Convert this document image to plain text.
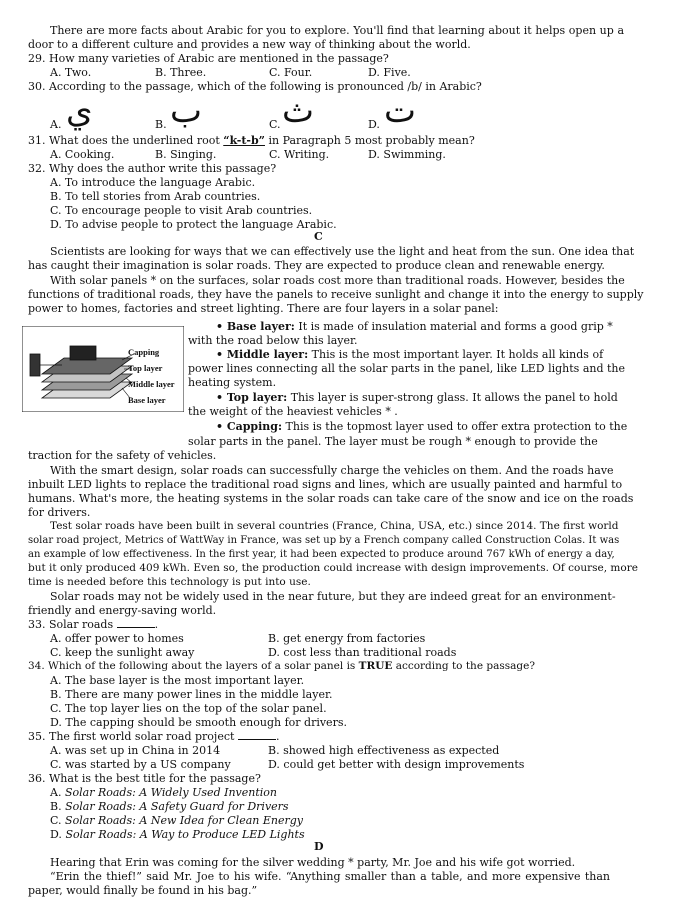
There are more facts about Arabic for you to explore. You'll find that learning about it helps open up a
door to a different culture and provides a new way of thinking about the world.
29. How many varieties of Arabic are mentioned in the passage?
A. Two.	B. Three.	C. Four.	D. Five.
30. According to the passage, which of the following is pronounced /b/ in Arabic?
A. ي	B. ب	C. ث	D. ت
31. What does the underlined root “k-t-b” in Paragraph 5 most probably mean?
A. Cooking.	B. Singing.	C. Writing.	D. Swimming.
32. Why does the author write this passage?
A. To introduce the language Arabic.
B. To tell stories from Arab countries.
C. To encourage people to visit Arab countries.
D. To advise people to protect the language Arabic.
C
Scientists are looking for ways that we can effectively use the light and heat from the sun. One idea that
has caught their imagination is solar roads. They are expected to produce clean and renewable energy.
With solar panels * on the surfaces, solar roads cost more than traditional roads. However, besides the
functions of traditional roads, they have the panels to receive sunlight and change it into the energy to supply
power to homes, factories and street lighting. There are four layers in a solar panel:
Capping
Top layer
Middle layer
Base layer
• Base layer: It is made of insulation material and forms a good grip *
with the road below this layer.
• Middle layer: This is the most important layer. It holds all kinds of
power lines connecting all the solar parts in the panel, like LED lights and the
heating system.
• Top layer: This layer is super-strong glass. It allows the panel to hold
the weight of the heaviest vehicles * .
• Capping: This is the topmost layer used to offer extra protection to the
solar parts in the panel. The layer must be rough * enough to provide the
traction for the safety of vehicles.
With the smart design, solar roads can successfully charge the vehicles on them. And the roads have
inbuilt LED lights to replace the traditional road signs and lines, which are usually painted and harmful to
humans. What's more, the heating systems in the solar roads can take care of the snow and ice on the roads
for drivers.
Test solar roads have been built in several countries (France, China, USA, etc.) since 2014. The first world
solar road project, Metrics of WattWay in France, was set up by a French company called Construction Colas. It was
an example of low effectiveness. In the first year, it had been expected to produce around 767 kWh of energy a day,
but it only produced 409 kWh. Even so, the production could increase with design improvements. Of course, more
time is needed before this technology is put into use.
Solar roads may not be widely used in the near future, but they are indeed great for an environment-
friendly and energy-saving world.
33. Solar roads	.
A. offer power to homes	B. get energy from factories
C. keep the sunlight away	D. cost less than traditional roads
34. Which of the following about the layers of a solar panel is TRUE according to the passage?
A. The base layer is the most important layer.
B. There are many power lines in the middle layer.
C. The top layer lies on the top of the solar panel.
D. The capping should be smooth enough for drivers.
35. The first world solar road project	.
A. was set up in China in 2014	B. showed high effectiveness as expected
C. was started by a US company	D. could get better with design improvements
36. What is the best title for the passage?
A. Solar Roads: A Widely Used Invention
B. Solar Roads: A Safety Guard for Drivers
C. Solar Roads: A New Idea for Clean Energy
D. Solar Roads: A Way to Produce LED Lights
D
Hearing that Erin was coming for the silver wedding * party, Mr. Joe and his wife got worried.
“Erin the thief!” said Mr. Joe to his wife. “Anything smaller than a table, and more expensive than
paper, would finally be found in his bag.”
